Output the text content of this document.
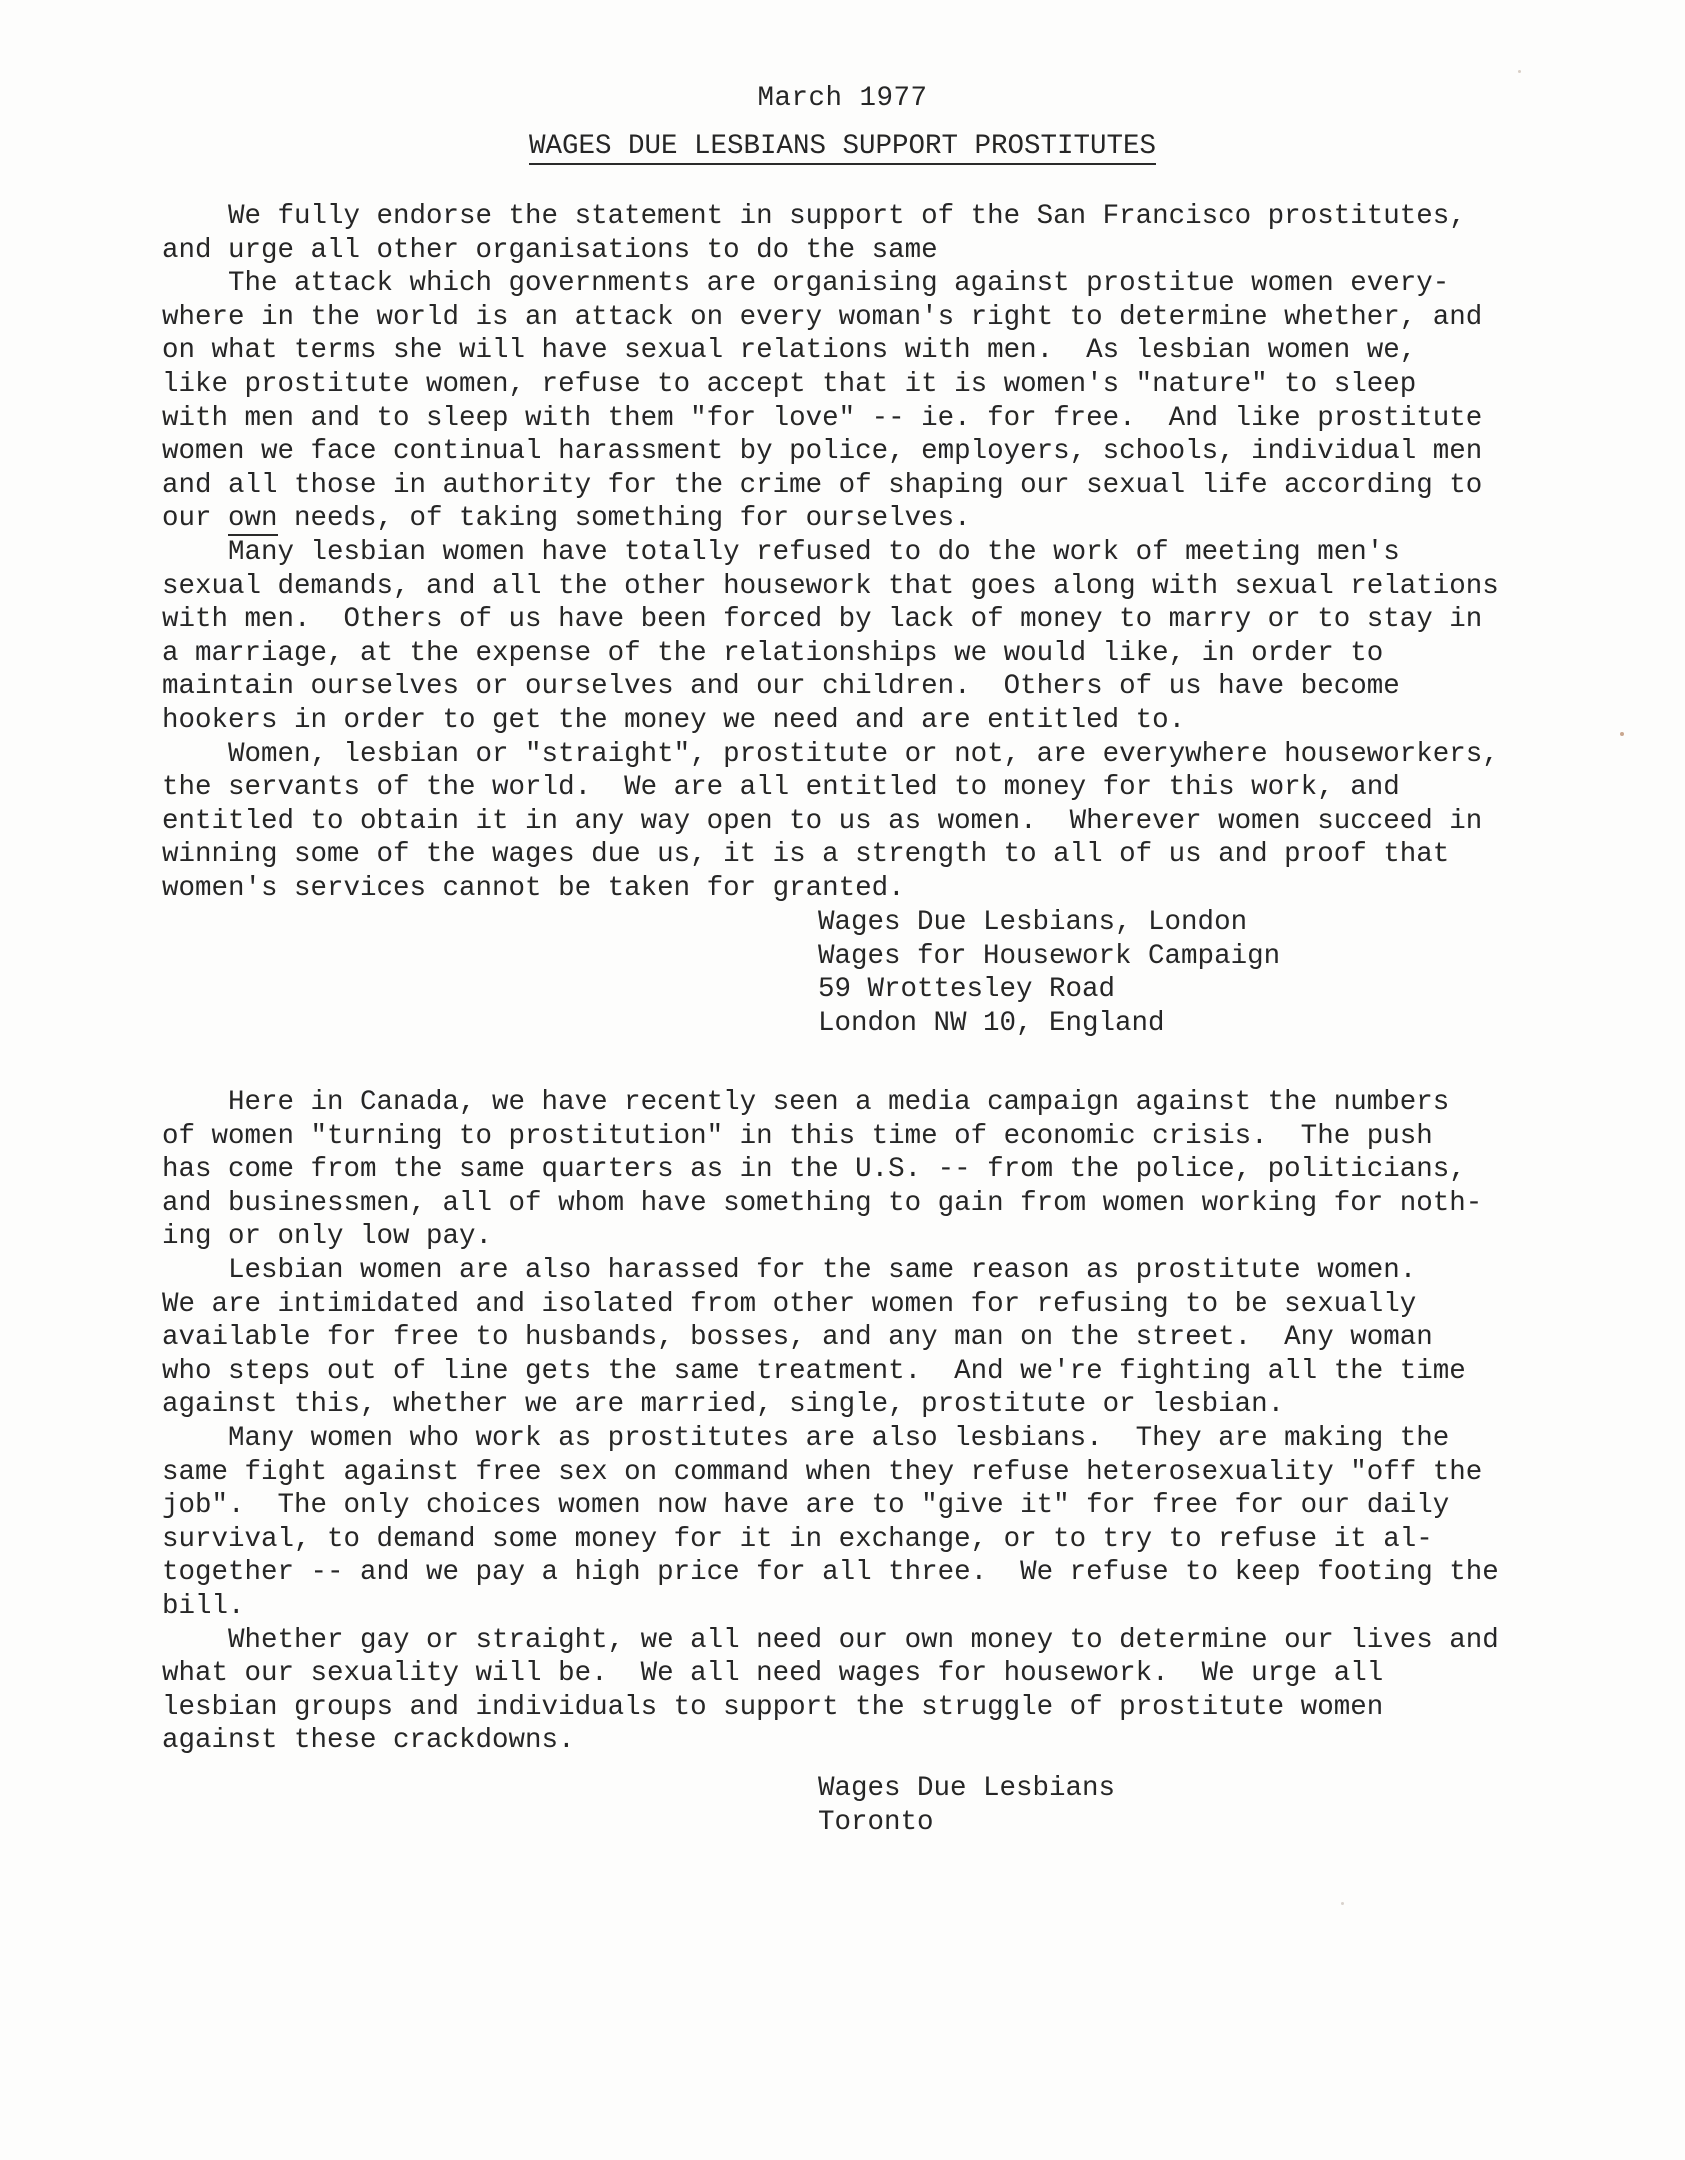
March 1977
WAGES DUE LESBIANS SUPPORT PROSTITUTES
We fully endorse the statement in support of the San Francisco prostitutes,
and urge all other organisations to do the same
The attack which governments are organising against prostitue women every-
where in the world is an attack on every woman's right to determine whether, and
on what terms she will have sexual relations with men.  As lesbian women we,
like prostitute women, refuse to accept that it is women's "nature" to sleep
with men and to sleep with them "for love" -- ie. for free.  And like prostitute
women we face continual harassment by police, employers, schools, individual men
and all those in authority for the crime of shaping our sexual life according to
our own needs, of taking something for ourselves.
Many lesbian women have totally refused to do the work of meeting men's
sexual demands, and all the other housework that goes along with sexual relations
with men.  Others of us have been forced by lack of money to marry or to stay in
a marriage, at the expense of the relationships we would like, in order to
maintain ourselves or ourselves and our children.  Others of us have become
hookers in order to get the money we need and are entitled to.
Women, lesbian or "straight", prostitute or not, are everywhere houseworkers,
the servants of the world.  We are all entitled to money for this work, and
entitled to obtain it in any way open to us as women.  Wherever women succeed in
winning some of the wages due us, it is a strength to all of us and proof that
women's services cannot be taken for granted.
Wages Due Lesbians, London
Wages for Housework Campaign
59 Wrottesley Road
London NW 10, England
Here in Canada, we have recently seen a media campaign against the numbers
of women "turning to prostitution" in this time of economic crisis.  The push
has come from the same quarters as in the U.S. -- from the police, politicians,
and businessmen, all of whom have something to gain from women working for noth-
ing or only low pay.
Lesbian women are also harassed for the same reason as prostitute women.
We are intimidated and isolated from other women for refusing to be sexually
available for free to husbands, bosses, and any man on the street.  Any woman
who steps out of line gets the same treatment.  And we're fighting all the time
against this, whether we are married, single, prostitute or lesbian.
Many women who work as prostitutes are also lesbians.  They are making the
same fight against free sex on command when they refuse heterosexuality "off the
job".  The only choices women now have are to "give it" for free for our daily
survival, to demand some money for it in exchange, or to try to refuse it al-
together -- and we pay a high price for all three.  We refuse to keep footing the
bill.
Whether gay or straight, we all need our own money to determine our lives and
what our sexuality will be.  We all need wages for housework.  We urge all
lesbian groups and individuals to support the struggle of prostitute women
against these crackdowns.
Wages Due Lesbians
Toronto
